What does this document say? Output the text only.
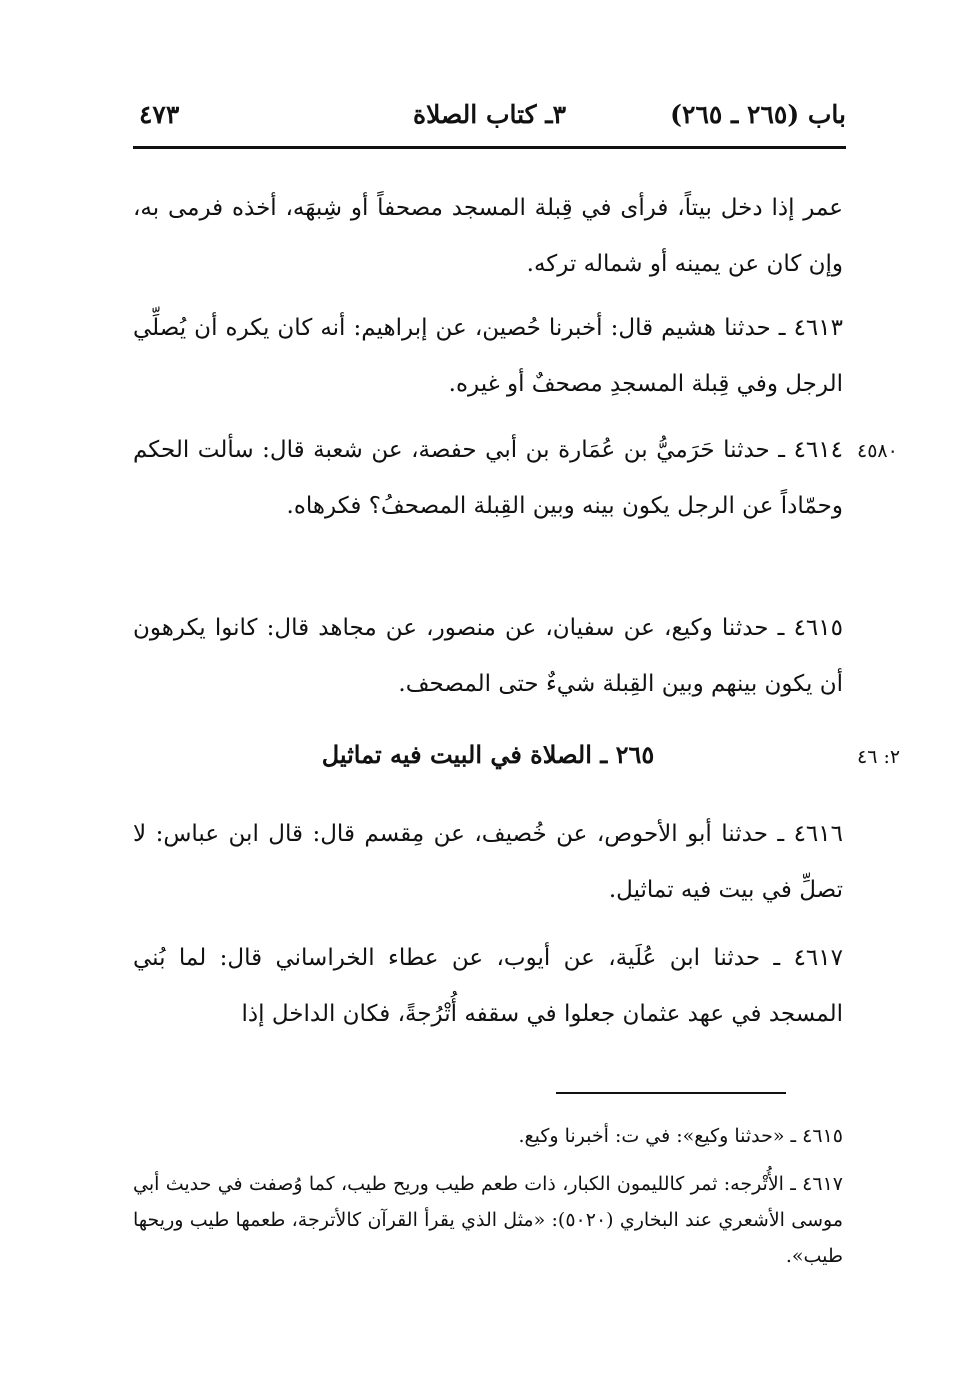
باب (٢٦٥ ـ ٢٦٥)
٣ـ كتاب الصلاة
٤٧٣
عمر إذا دخل بيتاً، فرأى في قِبلة المسجد مصحفاً أو شِبهَه، أخذه فرمى به، وإن كان عن يمينه أو شماله تركه.
٤٦١٣ ـ حدثنا هشيم قال: أخبرنا حُصين، عن إبراهيم: أنه كان يكره أن يُصلِّي الرجل وفي قِبلة المسجدِ مصحفٌ أو غيره.
٤٥٨٠
٤٦١٤ ـ حدثنا حَرَميُّ بن عُمَارة بن أبي حفصة، عن شعبة قال: سألت الحكم وحمّاداً عن الرجل يكون بينه وبين القِبلة المصحفُ؟ فكرهاه.
٤٦١٥ ـ حدثنا وكيع، عن سفيان، عن منصور، عن مجاهد قال: كانوا يكرهون أن يكون بينهم وبين القِبلة شيءٌ حتى المصحف.
٢: ٤٦
٢٦٥ ـ الصلاة في البيت فيه تماثيل
٤٦١٦ ـ حدثنا أبو الأحوص، عن خُصيف، عن مِقسم قال: قال ابن عباس: لا تصلِّ في بيت فيه تماثيل.
٤٦١٧ ـ حدثنا ابن عُلَية، عن أيوب، عن عطاء الخراساني قال: لما بُني المسجد في عهد عثمان جعلوا في سقفه أُتْرُجةً، فكان الداخل إذا
٤٦١٥ ـ «حدثنا وكيع»: في ت: أخبرنا وكيع.
٤٦١٧ ـ الأُتْرجه: ثمر كالليمون الكبار، ذات طعم طيب وريح طيب، كما وُصفت في حديث أبي موسى الأشعري عند البخاري (٥٠٢٠): «مثل الذي يقرأ القرآن كالأترجة، طعمها طيب وريحها طيب».
